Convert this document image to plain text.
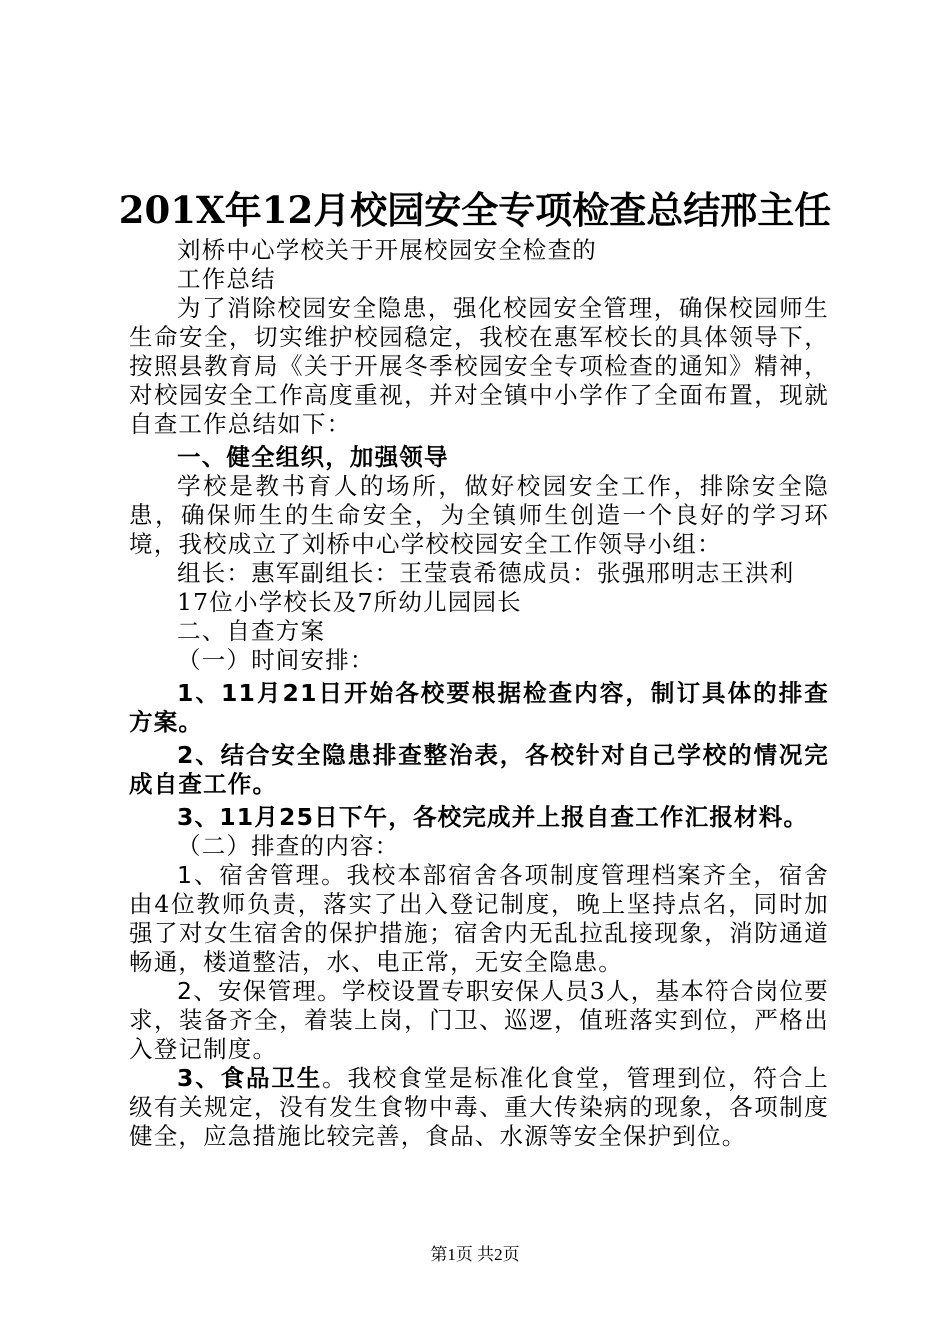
201X年12月校园安全专项检查总结邢主任

刘桥中心学校关于开展校园安全检查的

工作总结

为了消除校园安全隐患，强化校园安全管理，确保校园师生生命安全，切实维护校园稳定，我校在惠军校长的具体领导下，按照县教育局《关于开展冬季校园安全专项检查的通知》精神，对校园安全工作高度重视，并对全镇中小学作了全面布置，现就自查工作总结如下：

一、健全组织，加强领导

学校是教书育人的场所，做好校园安全工作，排除安全隐患，确保师生的生命安全，为全镇师生创造一个良好的学习环境，我校成立了刘桥中心学校校园安全工作领导小组：

组长：惠军副组长：王莹袁希德成员：张强邢明志王洪利

17位小学校长及7所幼儿园园长

二、自查方案

（一）时间安排：

1、11月21日开始各校要根据检查内容，制订具体的排查方案。

2、结合安全隐患排查整治表，各校针对自己学校的情况完成自查工作。

3、11月25日下午，各校完成并上报自查工作汇报材料。

（二）排查的内容：

1、宿舍管理。我校本部宿舍各项制度管理档案齐全，宿舍由4位教师负责，落实了出入登记制度，晚上坚持点名，同时加强了对女生宿舍的保护措施；宿舍内无乱拉乱接现象，消防通道畅通，楼道整洁，水、电正常，无安全隐患。

2、安保管理。学校设置专职安保人员3人，基本符合岗位要求，装备齐全，着装上岗，门卫、巡逻，值班落实到位，严格出入登记制度。

3、食品卫生。我校食堂是标准化食堂，管理到位，符合上级有关规定，没有发生食物中毒、重大传染病的现象，各项制度健全，应急措施比较完善，食品、水源等安全保护到位。

第1页 共2页
